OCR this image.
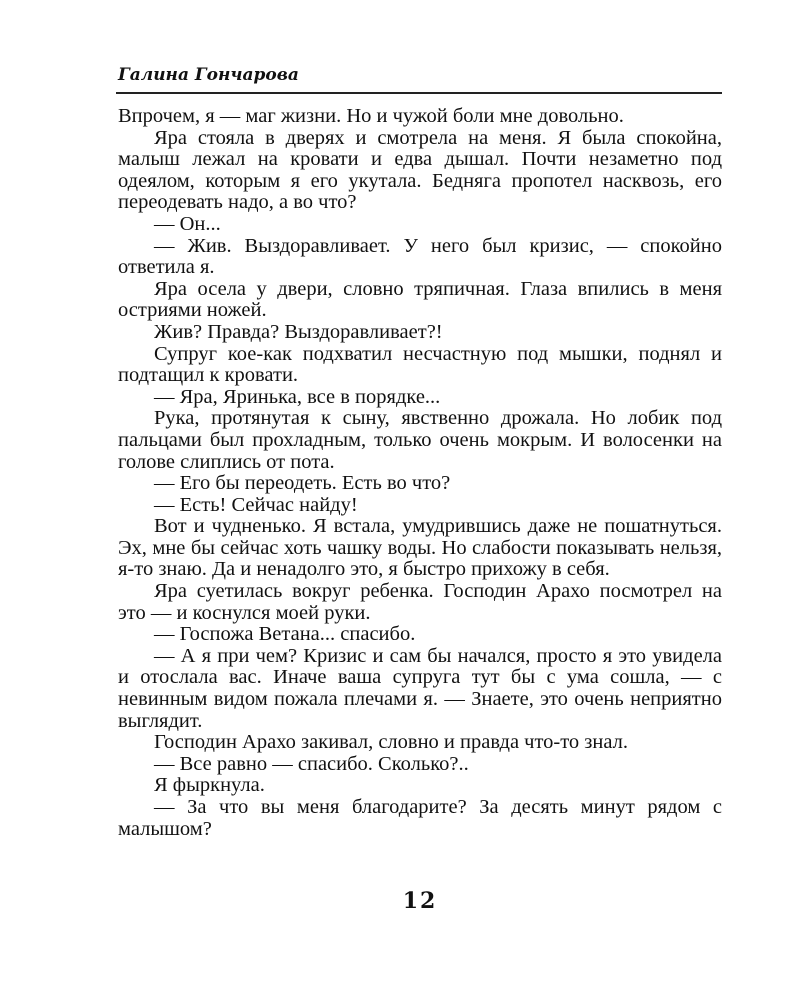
Галина Гончарова

Впрочем, я — маг жизни. Но и чужой боли мне довольно.

Яра стояла в дверях и смотрела на меня. Я была спокойна, малыш лежал на кровати и едва дышал. Почти незаметно под одеялом, которым я его укутала. Бедняга пропотел насквозь, его переодевать надо, а во что?

— Он...

— Жив. Выздоравливает. У него был кризис, — спокойно ответила я.

Яра осела у двери, словно тряпичная. Глаза впились в меня остриями ножей.

Жив? Правда? Выздоравливает?!

Супруг кое-как подхватил несчастную под мышки, поднял и подтащил к кровати.

— Яра, Яринька, все в порядке...

Рука, протянутая к сыну, явственно дрожала. Но лобик под пальцами был прохладным, только очень мокрым. И волосенки на голове слиплись от пота.

— Его бы переодеть. Есть во что?

— Есть! Сейчас найду!

Вот и чудненько. Я встала, умудрившись даже не пошатнуться. Эх, мне бы сейчас хоть чашку воды. Но слабости показывать нельзя, я-то знаю. Да и ненадолго это, я быстро прихожу в себя.

Яра суетилась вокруг ребенка. Господин Арахо посмотрел на это — и коснулся моей руки.

— Госпожа Ветана... спасибо.

— А я при чем? Кризис и сам бы начался, просто я это увидела и отослала вас. Иначе ваша супруга тут бы с ума сошла, — с невинным видом пожала плечами я. — Знаете, это очень неприятно выглядит.

Господин Арахо закивал, словно и правда что-то знал.

— Все равно — спасибо. Сколько?..

Я фыркнула.

— За что вы меня благодарите? За десять минут рядом с малышом?

12
